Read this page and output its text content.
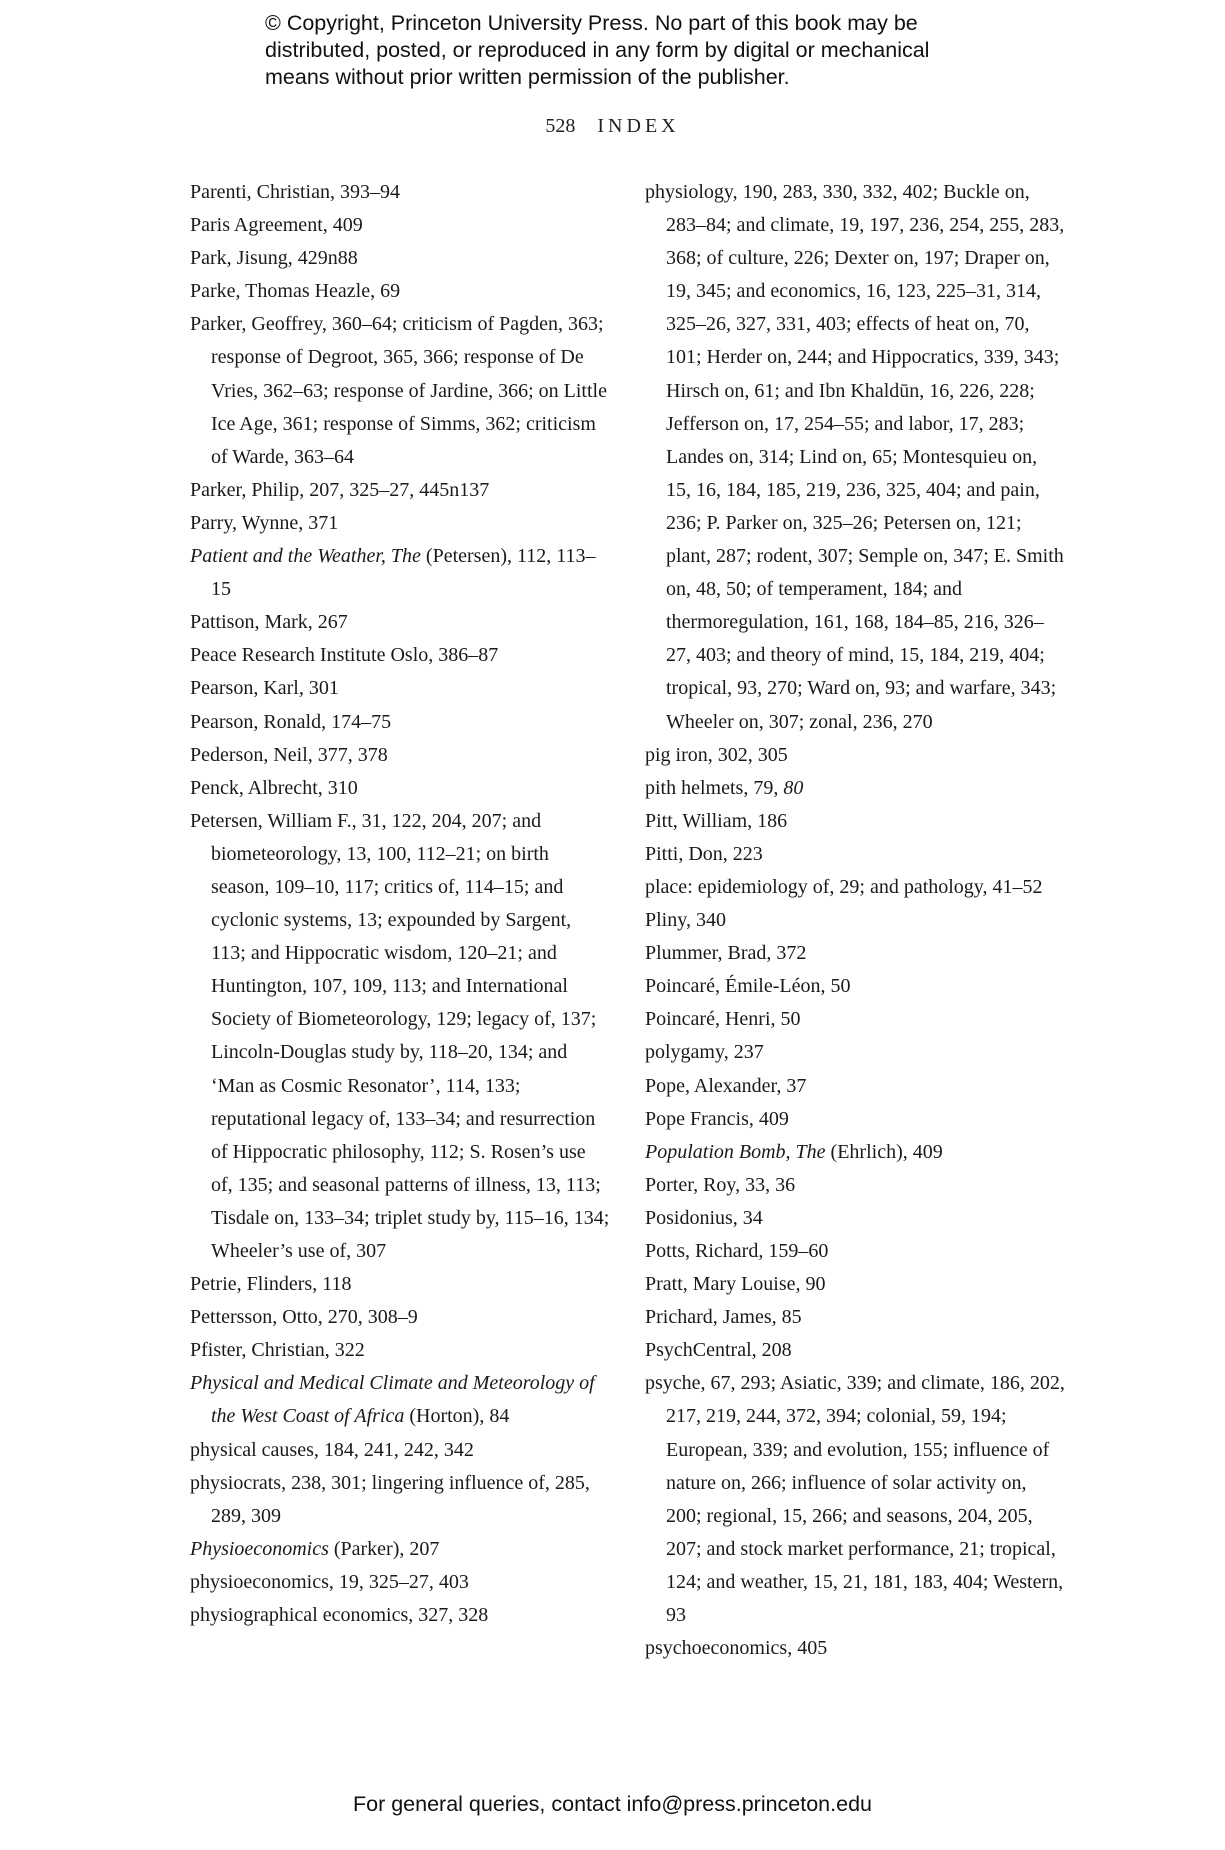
© Copyright, Princeton University Press. No part of this book may be
distributed, posted, or reproduced in any form by digital or mechanical
means without prior written permission of the publisher.
528 INDEX

Parenti, Christian, 393–94

Paris Agreement, 409

Park, Jisung, 429n88

Parke, Thomas Heazle, 69

Parker, Geoffrey, 360–64; criticism of Pagden, 363; response of Degroot, 365, 366; response of De Vries, 362–63; response of Jardine, 366; on Little Ice Age, 361; response of Simms, 362; criticism of Warde, 363–64

Parker, Philip, 207, 325–27, 445n137

Parry, Wynne, 371

Patient and the Weather, The (Petersen), 112, 113–15

Pattison, Mark, 267

Peace Research Institute Oslo, 386–87

Pearson, Karl, 301

Pearson, Ronald, 174–75

Pederson, Neil, 377, 378

Penck, Albrecht, 310

Petersen, William F., 31, 122, 204, 207; and biometeorology, 13, 100, 112–21; on birth season, 109–10, 117; critics of, 114–15; and cyclonic systems, 13; expounded by Sargent, 113; and Hippocratic wisdom, 120–21; and Huntington, 107, 109, 113; and International Society of Biometeorology, 129; legacy of, 137; Lincoln-Douglas study by, 118–20, 134; and ‘Man as Cosmic Resonator’, 114, 133; reputational legacy of, 133–34; and resurrection of Hippocratic philosophy, 112; S. Rosen’s use of, 135; and seasonal patterns of illness, 13, 113; Tisdale on, 133–34; triplet study by, 115–16, 134; Wheeler’s use of, 307

Petrie, Flinders, 118

Pettersson, Otto, 270, 308–9

Pfister, Christian, 322

Physical and Medical Climate and Meteorology of the West Coast of Africa (Horton), 84

physical causes, 184, 241, 242, 342

physiocrats, 238, 301; lingering influence of, 285, 289, 309

Physioeconomics (Parker), 207

physioeconomics, 19, 325–27, 403

physiographical economics, 327, 328

physiology, 190, 283, 330, 332, 402; Buckle on, 283–84; and climate, 19, 197, 236, 254, 255, 283, 368; of culture, 226; Dexter on, 197; Draper on, 19, 345; and economics, 16, 123, 225–31, 314, 325–26, 327, 331, 403; effects of heat on, 70, 101; Herder on, 244; and Hippocratics, 339, 343; Hirsch on, 61; and Ibn Khaldūn, 16, 226, 228; Jefferson on, 17, 254–55; and labor, 17, 283; Landes on, 314; Lind on, 65; Montesquieu on, 15, 16, 184, 185, 219, 236, 325, 404; and pain, 236; P. Parker on, 325–26; Petersen on, 121; plant, 287; rodent, 307; Semple on, 347; E. Smith on, 48, 50; of temperament, 184; and thermoregulation, 161, 168, 184–85, 216, 326–27, 403; and theory of mind, 15, 184, 219, 404; tropical, 93, 270; Ward on, 93; and warfare, 343; Wheeler on, 307; zonal, 236, 270

pig iron, 302, 305

pith helmets, 79, 80

Pitt, William, 186

Pitti, Don, 223

place: epidemiology of, 29; and pathology, 41–52

Pliny, 340

Plummer, Brad, 372

Poincaré, Émile-Léon, 50

Poincaré, Henri, 50

polygamy, 237

Pope, Alexander, 37

Pope Francis, 409

Population Bomb, The (Ehrlich), 409

Porter, Roy, 33, 36

Posidonius, 34

Potts, Richard, 159–60

Pratt, Mary Louise, 90

Prichard, James, 85

PsychCentral, 208

psyche, 67, 293; Asiatic, 339; and climate, 186, 202, 217, 219, 244, 372, 394; colonial, 59, 194; European, 339; and evolution, 155; influence of nature on, 266; influence of solar activity on, 200; regional, 15, 266; and seasons, 204, 205, 207; and stock market performance, 21; tropical, 124; and weather, 15, 21, 181, 183, 404; Western, 93

psychoeconomics, 405

For general queries, contact info@press.princeton.edu
